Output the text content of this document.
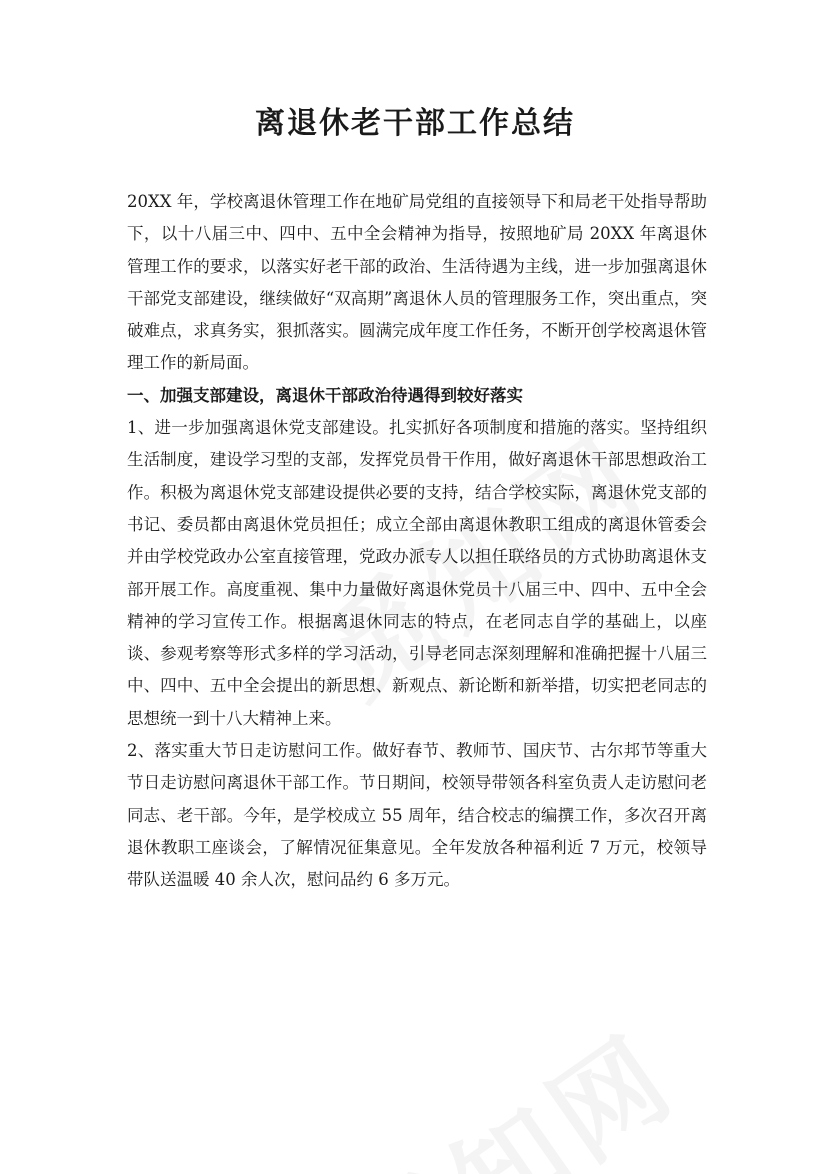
离退休老干部工作总结

20XX 年，学校离退休管理工作在地矿局党组的直接领导下和局老干处指导帮助下，以十八届三中、四中、五中全会精神为指导，按照地矿局 20XX 年离退休管理工作的要求，以落实好老干部的政治、生活待遇为主线，进一步加强离退休干部党支部建设，继续做好“双高期”离退休人员的管理服务工作，突出重点，突破难点，求真务实，狠抓落实。圆满完成年度工作任务，不断开创学校离退休管理工作的新局面。

一、加强支部建设，离退休干部政治待遇得到较好落实

1、进一步加强离退休党支部建设。扎实抓好各项制度和措施的落实。坚持组织生活制度，建设学习型的支部，发挥党员骨干作用，做好离退休干部思想政治工作。积极为离退休党支部建设提供必要的支持，结合学校实际，离退休党支部的书记、委员都由离退休党员担任；成立全部由离退休教职工组成的离退休管委会并由学校党政办公室直接管理，党政办派专人以担任联络员的方式协助离退休支部开展工作。高度重视、集中力量做好离退休党员十八届三中、四中、五中全会精神的学习宣传工作。根据离退休同志的特点，在老同志自学的基础上，以座谈、参观考察等形式多样的学习活动，引导老同志深刻理解和准确把握十八届三中、四中、五中全会提出的新思想、新观点、新论断和新举措，切实把老同志的思想统一到十八大精神上来。

2、落实重大节日走访慰问工作。做好春节、教师节、国庆节、古尔邦节等重大节日走访慰问离退休干部工作。节日期间，校领导带领各科室负责人走访慰问老同志、老干部。今年，是学校成立 55 周年，结合校志的编撰工作，多次召开离退休教职工座谈会，了解情况征集意见。全年发放各种福利近 7 万元，校领导带队送温暖 40 余人次，慰问品约 6 多万元。
